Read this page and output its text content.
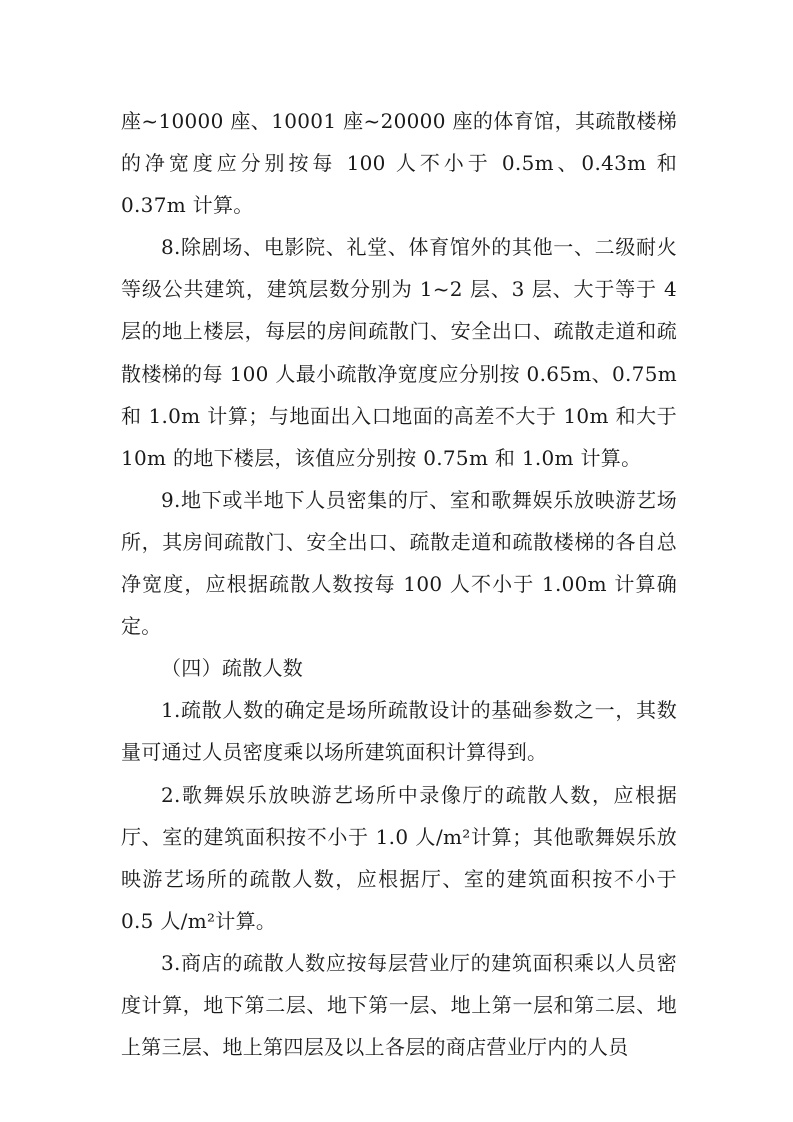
座~10000 座、10001 座~20000 座的体育馆，其疏散楼梯的净宽度应分别按每 100 人不小于 0.5m、0.43m 和 0.37m 计算。

8.除剧场、电影院、礼堂、体育馆外的其他一、二级耐火等级公共建筑，建筑层数分别为 1~2 层、3 层、大于等于 4 层的地上楼层，每层的房间疏散门、安全出口、疏散走道和疏散楼梯的每 100 人最小疏散净宽度应分别按 0.65m、0.75m 和 1.0m 计算；与地面出入口地面的高差不大于 10m 和大于 10m 的地下楼层，该值应分别按 0.75m 和 1.0m 计算。

9.地下或半地下人员密集的厅、室和歌舞娱乐放映游艺场所，其房间疏散门、安全出口、疏散走道和疏散楼梯的各自总净宽度，应根据疏散人数按每 100 人不小于 1.00m 计算确定。

（四）疏散人数

1.疏散人数的确定是场所疏散设计的基础参数之一，其数量可通过人员密度乘以场所建筑面积计算得到。

2.歌舞娱乐放映游艺场所中录像厅的疏散人数，应根据厅、室的建筑面积按不小于 1.0 人/m²计算；其他歌舞娱乐放映游艺场所的疏散人数，应根据厅、室的建筑面积按不小于 0.5 人/m²计算。

3.商店的疏散人数应按每层营业厅的建筑面积乘以人员密度计算，地下第二层、地下第一层、地上第一层和第二层、地上第三层、地上第四层及以上各层的商店营业厅内的人员
